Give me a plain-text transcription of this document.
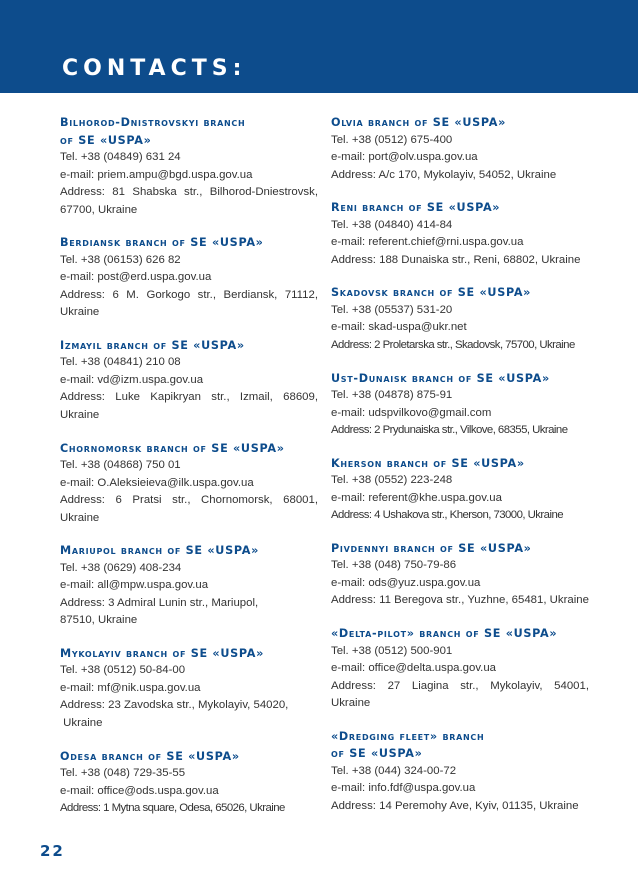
CONTACTS:
Bilhorod-Dnistrovskyi branch
of SE «USPA»
Tel. +38 (04849) 631 24
e-mail: priem.ampu@bgd.uspa.gov.ua
Address: 81 Shabska str., Bilhorod-Dniestrovsk, 67700, Ukraine
Berdiansk branch of SE «USPA»
Tel. +38 (06153) 626 82
e-mail: post@erd.uspa.gov.ua
Address: 6 M. Gorkogo str., Berdiansk, 71112, Ukraine
Izmayil branch of SE «USPA»
Tel. +38 (04841) 210 08
e-mail: vd@izm.uspa.gov.ua
Address: Luke Kapikryan str., Izmail, 68609, Ukraine
Chornomorsk branch of SE «USPA»
Tel. +38 (04868) 750 01
e-mail: O.Aleksieieva@ilk.uspa.gov.ua
Address: 6 Pratsi str., Chornomorsk, 68001, Ukraine
Mariupol branch of SE «USPA»
Tel. +38 (0629) 408-234
e-mail: all@mpw.uspa.gov.ua
Address: 3 Admiral Lunin str., Mariupol,
87510, Ukraine
Mykolayiv branch of SE «USPA»
Tel. +38 (0512) 50-84-00
e-mail: mf@nik.uspa.gov.ua
Address: 23 Zavodska str., Mykolayiv, 54020,
Ukraine
Odesa branch of SE «USPA»
Tel. +38 (048) 729-35-55
e-mail: office@ods.uspa.gov.ua
Address: 1 Mytna square, Odesa, 65026, Ukraine
Olvia branch of SE «USPA»
Tel. +38 (0512) 675-400
e-mail: port@olv.uspa.gov.ua
Address: A/c 170, Mykolayiv, 54052, Ukraine
Reni branch of SE «USPA»
Tel. +38 (04840) 414-84
e-mail: referent.chief@rni.uspa.gov.ua
Address: 188 Dunaiska str., Reni, 68802, Ukraine
Skadovsk branch of SE «USPA»
Tel. +38 (05537) 531-20
e-mail: skad-uspa@ukr.net
Address: 2 Proletarska str., Skadovsk, 75700, Ukraine
Ust-Dunaisk branch of SE «USPA»
Tel. +38 (04878) 875-91
e-mail: udspvilkovo@gmail.com
Address: 2 Prydunaiska str., Vilkove, 68355, Ukraine
Kherson branch of SE «USPA»
Tel. +38 (0552) 223-248
e-mail: referent@khe.uspa.gov.ua
Address: 4 Ushakova str., Kherson, 73000, Ukraine
Pivdennyi branch of SE «USPA»
Tel. +38 (048) 750-79-86
e-mail: ods@yuz.uspa.gov.ua
Address: 11 Beregova str., Yuzhne, 65481, Ukraine
«Delta-pilot» branch of SE «USPA»
Tel. +38 (0512) 500-901
e-mail: office@delta.uspa.gov.ua
Address: 27 Liagina str., Mykolayiv, 54001, Ukraine
«Dredging fleet» branch
of SE «USPA»
Tel. +38 (044) 324-00-72
e-mail: info.fdf@uspa.gov.ua
Address: 14 Peremohy Ave, Kyiv, 01135, Ukraine
22
